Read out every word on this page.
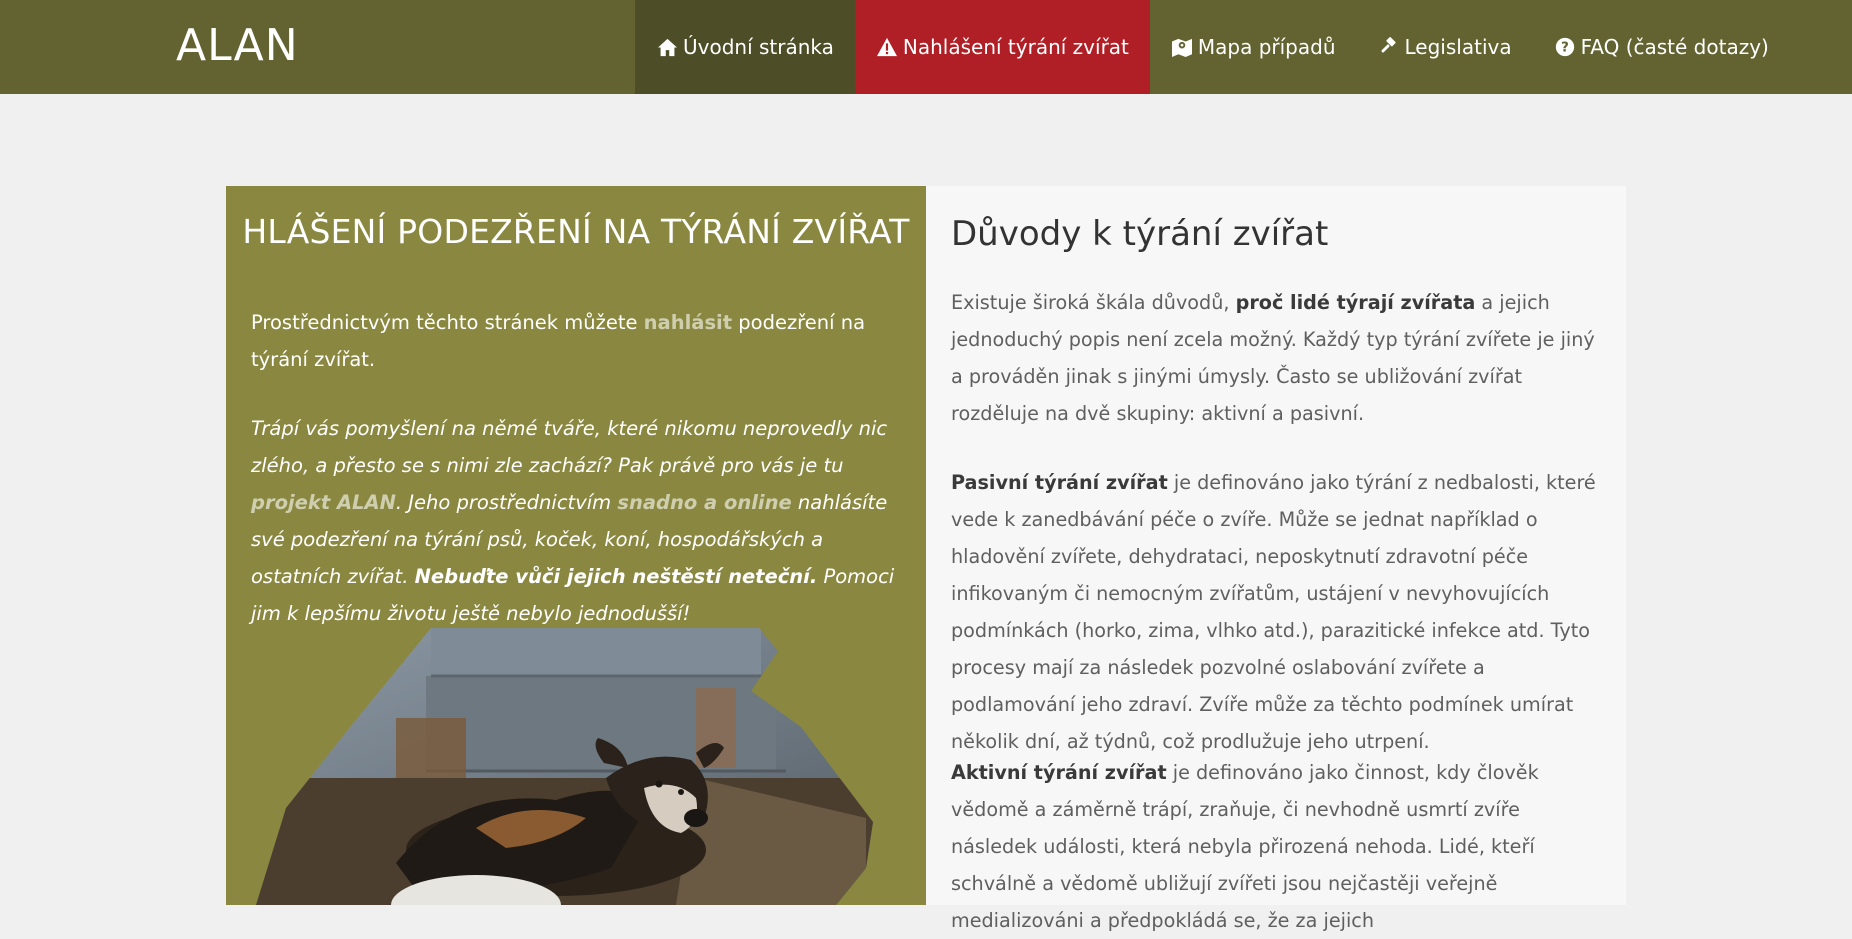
ALAN	Úvodní stránka	Nahlášení týrání zvířat	Mapa případů	Legislativa	? FAQ (časté dotazy)
HLÁŠENÍ PODEZŘENÍ NA TÝRÁNÍ ZVÍŘAT

Prostřednictvým těchto stránek můžete nahlásit podezření na týrání zvířat.

Trápí vás pomyšlení na němé tváře, které nikomu neprovedly nic zlého, a přesto se s nimi zle zachází? Pak právě pro vás je tu projekt ALAN. Jeho prostřednictvím snadno a online nahlásíte své podezření na týrání psů, koček, koní, hospodářských a ostatních zvířat. Nebuďte vůči jejich neštěstí neteční. Pomoci jim k lepšímu životu ještě nebylo jednodušší!

Důvody k týrání zvířat

Existuje široká škála důvodů, proč lidé týrají zvířata a jejich jednoduchý popis není zcela možný. Každý typ týrání zvířete je jiný a prováděn jinak s jinými úmysly. Často se ubližování zvířat rozděluje na dvě skupiny: aktivní a pasivní.

Pasivní týrání zvířat je definováno jako týrání z nedbalosti, které vede k zanedbávání péče o zvíře. Může se jednat například o hladovění zvířete, dehydrataci, neposkytnutí zdravotní péče infikovaným či nemocným zvířatům, ustájení v nevyhovujících podmínkách (horko, zima, vlhko atd.), parazitické infekce atd. Tyto procesy mají za následek pozvolné oslabování zvířete a podlamování jeho zdraví. Zvíře může za těchto podmínek umírat několik dní, až týdnů, což prodlužuje jeho utrpení.

Aktivní týrání zvířat je definováno jako činnost, kdy člověk vědomě a záměrně trápí, zraňuje, či nevhodně usmrtí zvíře následek události, která nebyla přirozená nehoda. Lidé, kteří schválně a vědomě ubližují zvířeti jsou nejčastěji veřejně medializováni a předpokládá se, že za jejich
